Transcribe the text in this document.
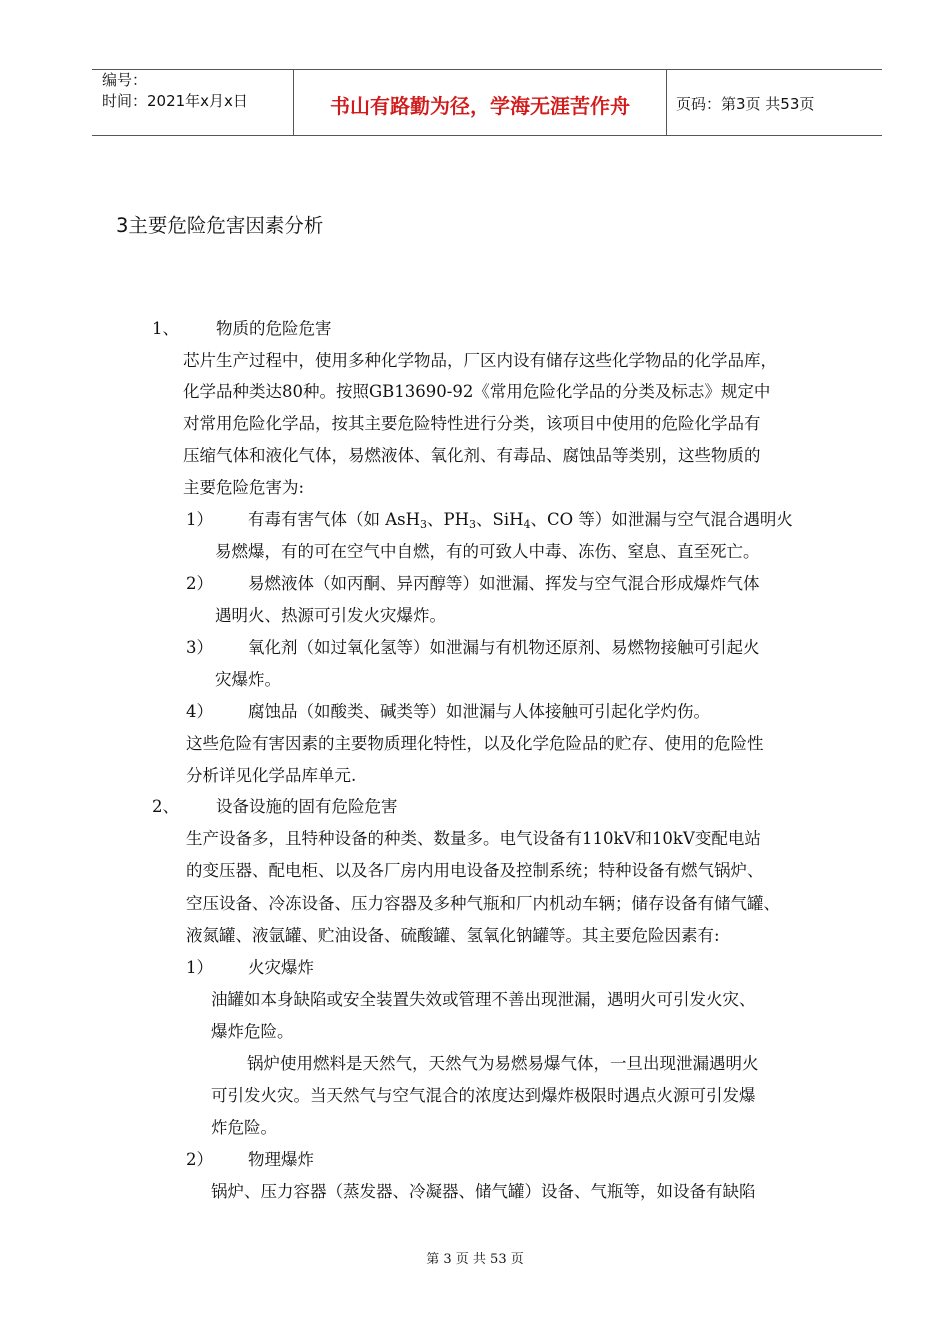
编号：
时间：2021年x月x日	书山有路勤为径，学海无涯苦作舟	页码：第3页 共53页
3主要危险危害因素分析
1、 物质的危险危害
芯片生产过程中，使用多种化学物品，厂区内设有储存这些化学物品的化学品库，
化学品种类达80种。按照GB13690-92《常用危险化学品的分类及标志》规定中
对常用危险化学品，按其主要危险特性进行分类，该项目中使用的危险化学品有
压缩气体和液化气体，易燃液体、氧化剂、有毒品、腐蚀品等类别，这些物质的
主要危险危害为:
1） 有毒有害气体（如 AsH$_3$、$PH_3$、SiH$_4$、CO 等）如泄漏与空气混合遇明火
易燃爆，有的可在空气中自燃，有的可致人中毒、冻伤、窒息、直至死亡。
2） 易燃液体（如丙酮、异丙醇等）如泄漏、挥发与空气混合形成爆炸气体
遇明火、热源可引发火灾爆炸。
3） 氧化剂（如过氧化氢等）如泄漏与有机物还原剂、易燃物接触可引起火
灾爆炸。
4） 腐蚀品（如酸类、碱类等）如泄漏与人体接触可引起化学灼伤。
这些危险有害因素的主要物质理化特性，以及化学危险品的贮存、使用的危险性
分析详见化学品库单元.
2、 设备设施的固有危险危害
生产设备多，且特种设备的种类、数量多。电气设备有110kV和10kV变配电站
的变压器、配电柜、以及各厂房内用电设备及控制系统；特种设备有燃气锅炉、
空压设备、冷冻设备、压力容器及多种气瓶和厂内机动车辆；储存设备有储气罐、
液氮罐、液氩罐、贮油设备、硫酸罐、氢氧化钠罐等。其主要危险因素有:
1） 火灾爆炸
油罐如本身缺陷或安全装置失效或管理不善出现泄漏，遇明火可引发火灾、
爆炸危险。
锅炉使用燃料是天然气，天然气为易燃易爆气体，一旦出现泄漏遇明火
可引发火灾。当天然气与空气混合的浓度达到爆炸极限时遇点火源可引发爆
炸危险。
2） 物理爆炸
锅炉、压力容器（蒸发器、冷凝器、储气罐）设备、气瓶等，如设备有缺陷
第 3 页 共 53 页
